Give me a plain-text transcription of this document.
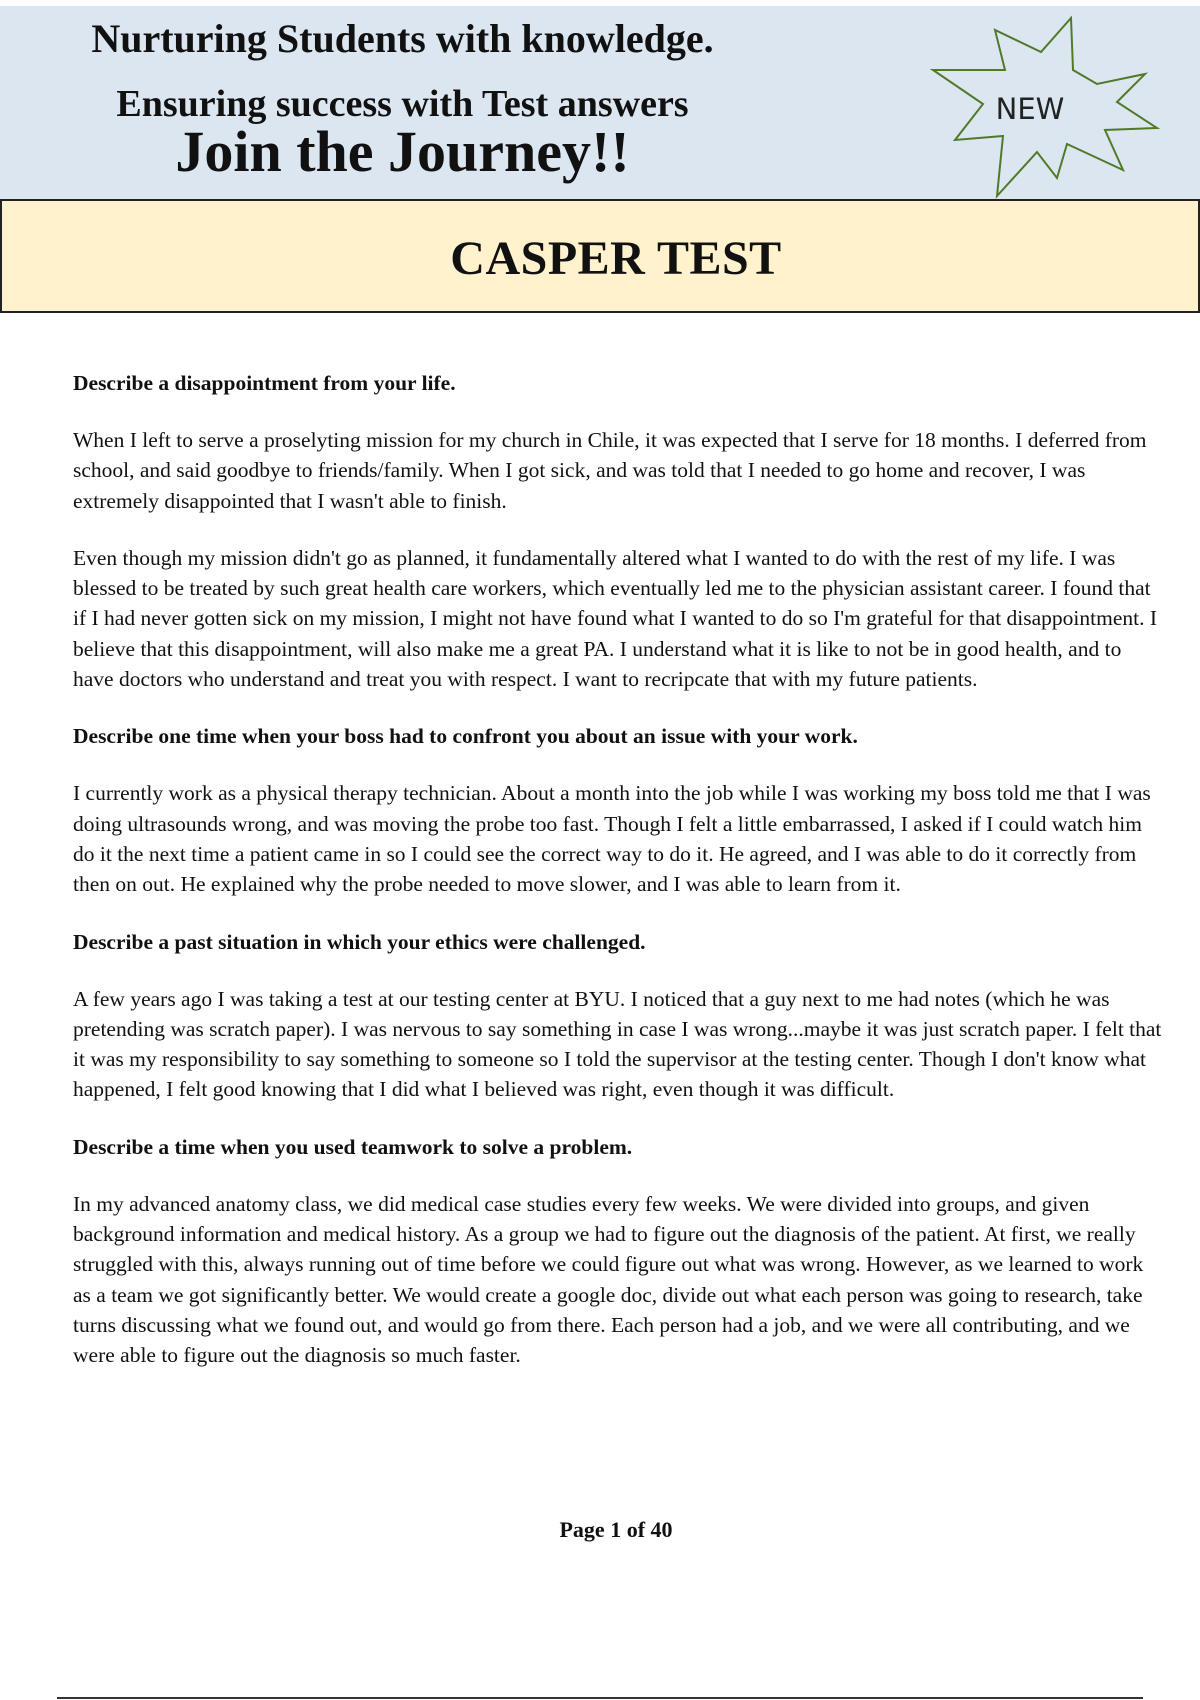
Nurturing Students with knowledge.

Ensuring success with Test answers

Join the Journey!!

NEW
CASPER TEST

Describe a disappointment from your life.

When I left to serve a proselyting mission for my church in Chile, it was expected that I serve for 18 months. I deferred from school, and said goodbye to friends/family. When I got sick, and was told that I needed to go home and recover, I was extremely disappointed that I wasn't able to finish.

Even though my mission didn't go as planned, it fundamentally altered what I wanted to do with the rest of my life. I was blessed to be treated by such great health care workers, which eventually led me to the physician assistant career. I found that if I had never gotten sick on my mission, I might not have found what I wanted to do so I'm grateful for that disappointment. I believe that this disappointment, will also make me a great PA. I understand what it is like to not be in good health, and to have doctors who understand and treat you with respect. I want to recripcate that with my future patients.

Describe one time when your boss had to confront you about an issue with your work.

I currently work as a physical therapy technician. About a month into the job while I was working my boss told me that I was doing ultrasounds wrong, and was moving the probe too fast. Though I felt a little embarrassed, I asked if I could watch him do it the next time a patient came in so I could see the correct way to do it. He agreed, and I was able to do it correctly from then on out. He explained why the probe needed to move slower, and I was able to learn from it.

Describe a past situation in which your ethics were challenged.

A few years ago I was taking a test at our testing center at BYU. I noticed that a guy next to me had notes (which he was pretending was scratch paper). I was nervous to say something in case I was wrong...maybe it was just scratch paper. I felt that it was my responsibility to say something to someone so I told the supervisor at the testing center. Though I don't know what happened, I felt good knowing that I did what I believed was right, even though it was difficult.

Describe a time when you used teamwork to solve a problem.

In my advanced anatomy class, we did medical case studies every few weeks. We were divided into groups, and given background information and medical history. As a group we had to figure out the diagnosis of the patient. At first, we really struggled with this, always running out of time before we could figure out what was wrong. However, as we learned to work as a team we got significantly better. We would create a google doc, divide out what each person was going to research, take turns discussing what we found out, and would go from there. Each person had a job, and we were all contributing, and we were able to figure out the diagnosis so much faster.

Page 1 of 40
